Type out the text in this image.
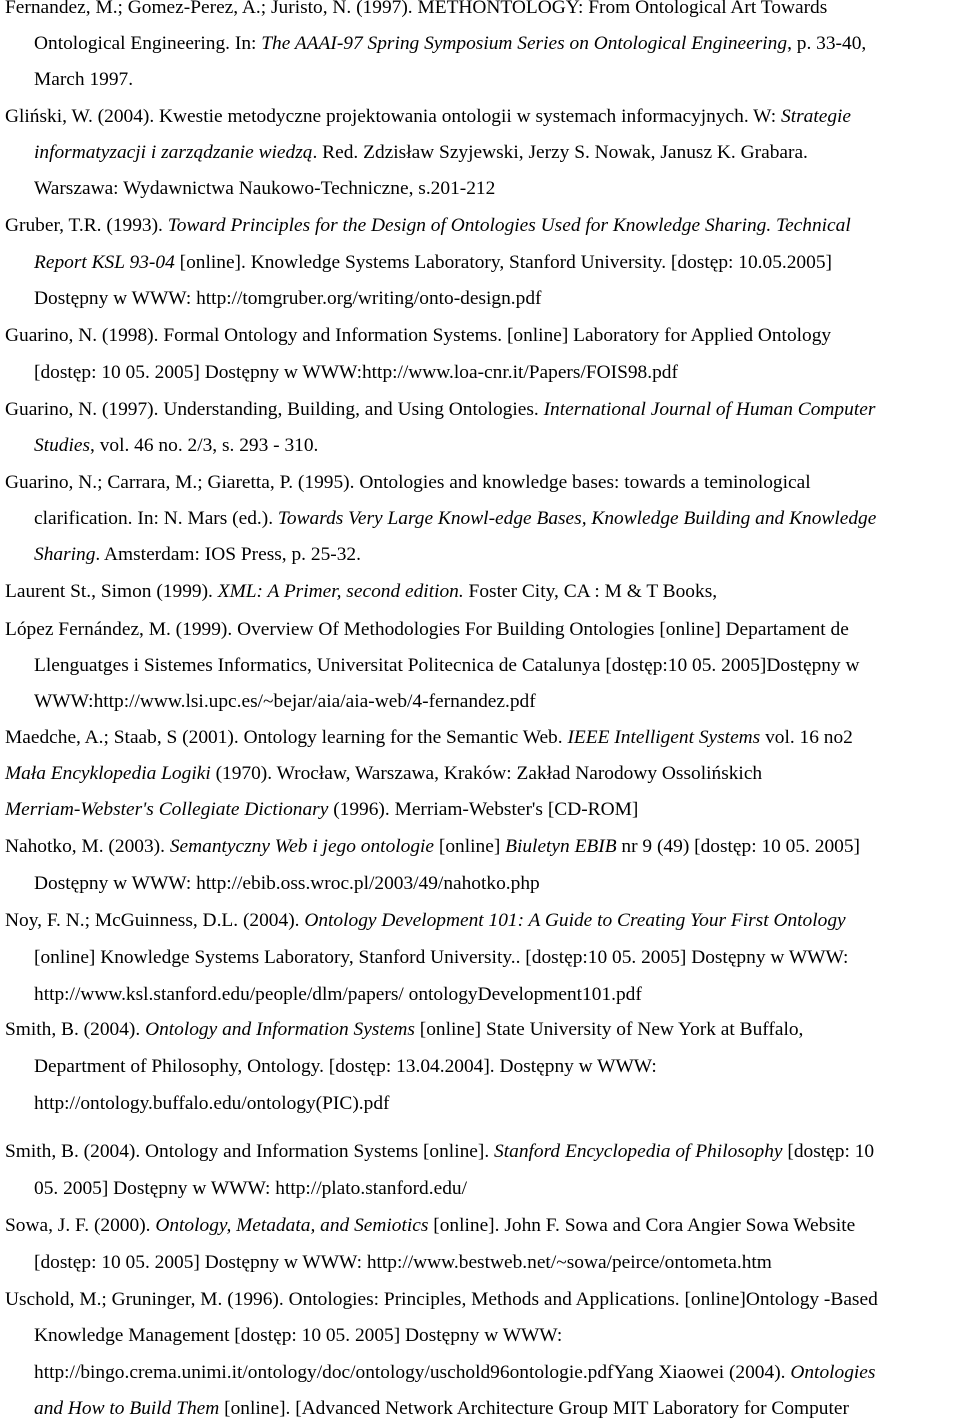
Fernandez, M.; Gomez-Perez, A.; Juristo, N. (1997). METHONTOLOGY: From Ontological Art Towards
Ontological Engineering. In: The AAAI-97 Spring Symposium Series on Ontological Engineering, p. 33-40,
March 1997.
Gliński, W. (2004). Kwestie metodyczne projektowania ontologii w systemach informacyjnych. W: Strategie
informatyzacji i zarządzanie wiedzą. Red. Zdzisław Szyjewski, Jerzy S. Nowak, Janusz K. Grabara.
Warszawa: Wydawnictwa Naukowo-Techniczne, s.201-212
Gruber, T.R. (1993). Toward Principles for the Design of Ontologies Used for Knowledge Sharing. Technical
Report KSL 93-04 [online]. Knowledge Systems Laboratory, Stanford University. [dostęp: 10.05.2005]
Dostępny w WWW: http://tomgruber.org/writing/onto-design.pdf
Guarino, N. (1998). Formal Ontology and Information Systems. [online] Laboratory for Applied Ontology
[dostęp: 10 05. 2005] Dostępny w WWW:http://www.loa-cnr.it/Papers/FOIS98.pdf
Guarino, N. (1997). Understanding, Building, and Using Ontologies. International Journal of Human Computer
Studies, vol. 46 no. 2/3, s. 293 - 310.
Guarino, N.; Carrara, M.; Giaretta, P. (1995). Ontologies and knowledge bases: towards a teminological
clarification. In: N. Mars (ed.). Towards Very Large Knowl-edge Bases, Knowledge Building and Knowledge
Sharing. Amsterdam: IOS Press, p. 25-32.
Laurent St., Simon (1999). XML: A Primer, second edition. Foster City, CA : M & T Books,
López Fernández, M. (1999). Overview Of Methodologies For Building Ontologies [online] Departament de
Llenguatges i Sistemes Informatics, Universitat Politecnica de Catalunya [dostęp:10 05. 2005]Dostępny w
WWW:http://www.lsi.upc.es/~bejar/aia/aia-web/4-fernandez.pdf
Maedche, A.; Staab, S (2001). Ontology learning for the Semantic Web. IEEE Intelligent Systems vol. 16 no2
Mała Encyklopedia Logiki (1970). Wrocław, Warszawa, Kraków: Zakład Narodowy Ossolińskich
Merriam-Webster's Collegiate Dictionary (1996). Merriam-Webster's [CD-ROM]
Nahotko, M. (2003). Semantyczny Web i jego ontologie [online] Biuletyn EBIB nr 9 (49) [dostęp: 10 05. 2005]
Dostępny w WWW: http://ebib.oss.wroc.pl/2003/49/nahotko.php
Noy, F. N.; McGuinness, D.L. (2004). Ontology Development 101: A Guide to Creating Your First Ontology
[online] Knowledge Systems Laboratory, Stanford University.. [dostęp:10 05. 2005] Dostępny w WWW:
http://www.ksl.stanford.edu/people/dlm/papers/ ontologyDevelopment101.pdf
Smith, B. (2004). Ontology and Information Systems [online] State University of New York at Buffalo,
Department of Philosophy, Ontology. [dostęp: 13.04.2004]. Dostępny w WWW:
http://ontology.buffalo.edu/ontology(PIC).pdf
Smith, B. (2004). Ontology and Information Systems [online]. Stanford Encyclopedia of Philosophy [dostęp: 10
05. 2005] Dostępny w WWW: http://plato.stanford.edu/
Sowa, J. F. (2000). Ontology, Metadata, and Semiotics [online]. John F. Sowa and Cora Angier Sowa Website
[dostęp: 10 05. 2005] Dostępny w WWW: http://www.bestweb.net/~sowa/peirce/ontometa.htm
Uschold, M.; Gruninger, M. (1996). Ontologies: Principles, Methods and Applications. [online]Ontology -Based
Knowledge Management [dostęp: 10 05. 2005] Dostępny w WWW:
http://bingo.crema.unimi.it/ontology/doc/ontology/uschold96ontologie.pdfYang Xiaowei (2004). Ontologies
and How to Build Them [online]. [Advanced Network Architecture Group MIT Laboratory for Computer
